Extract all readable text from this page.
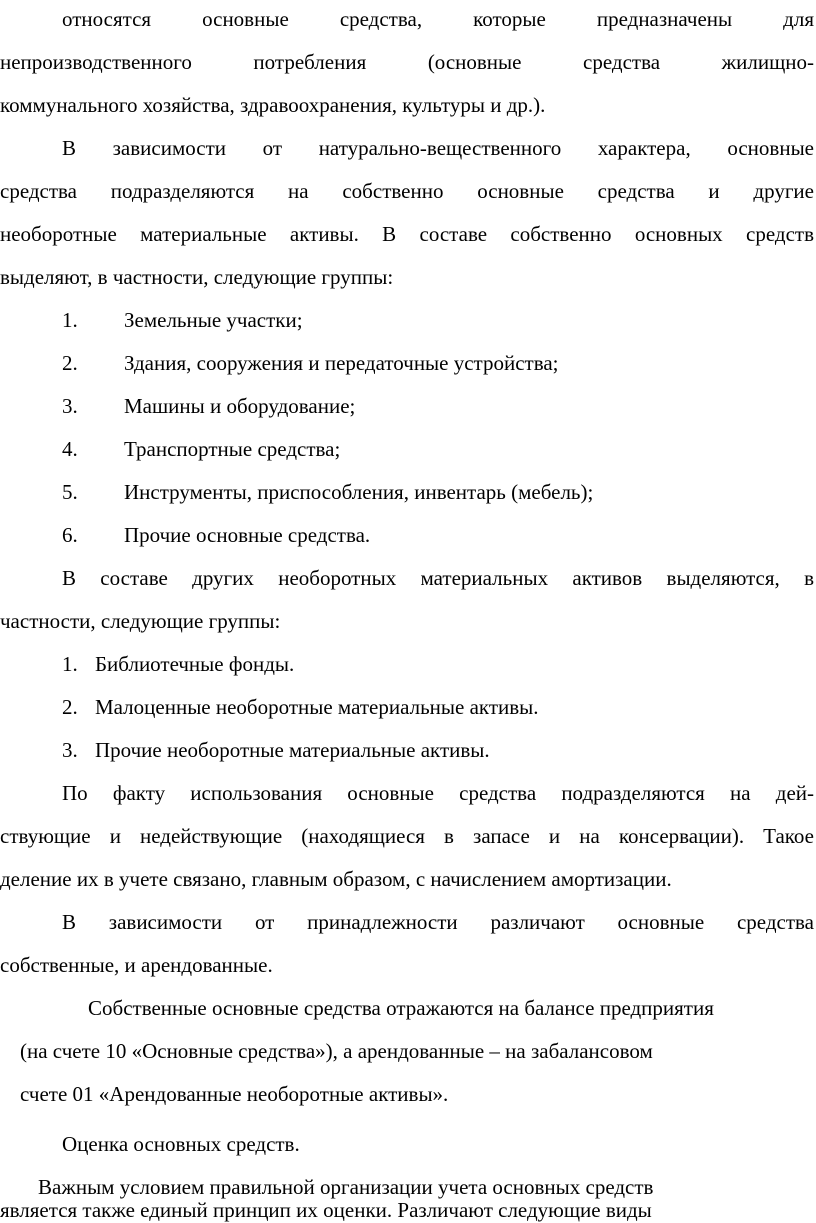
относятся основные средства, которые предназначены для
непроизводственного потребления (основные средства жилищно-
коммунального хозяйства, здравоохранения, культуры и др.).
В зависимости от натурально-вещественного характера, основные
средства подразделяются на собственно основные средства и другие
необоротные материальные активы. В составе собственно основных средств
выделяют, в частности, следующие группы:
1. Земельные участки;
2. Здания, сооружения и передаточные устройства;
3. Машины и оборудование;
4. Транспортные средства;
5. Инструменты, приспособления, инвентарь (мебель);
6. Прочие основные средства.
В составе других необоротных материальных активов выделяются, в
частности, следующие группы:
1. Библиотечные фонды.
2. Малоценные необоротные материальные активы.
3. Прочие необоротные материальные активы.
По факту использования основные средства подразделяются на дей-
ствующие и недействующие (находящиеся в запасе и на консервации). Такое
деление их в учете связано, главным образом, с начислением амортизации.
В зависимости от принадлежности различают основные средства
собственные, и арендованные.
Собственные основные средства отражаются на балансе предприятия
(на счете 10 «Основные средства»), а арендованные – на забалансовом
счете 01 «Арендованные необоротные активы».
Оценка основных средств.
Важным условием правильной организации учета основных средств
является также единый принцип их оценки. Различают следующие виды
